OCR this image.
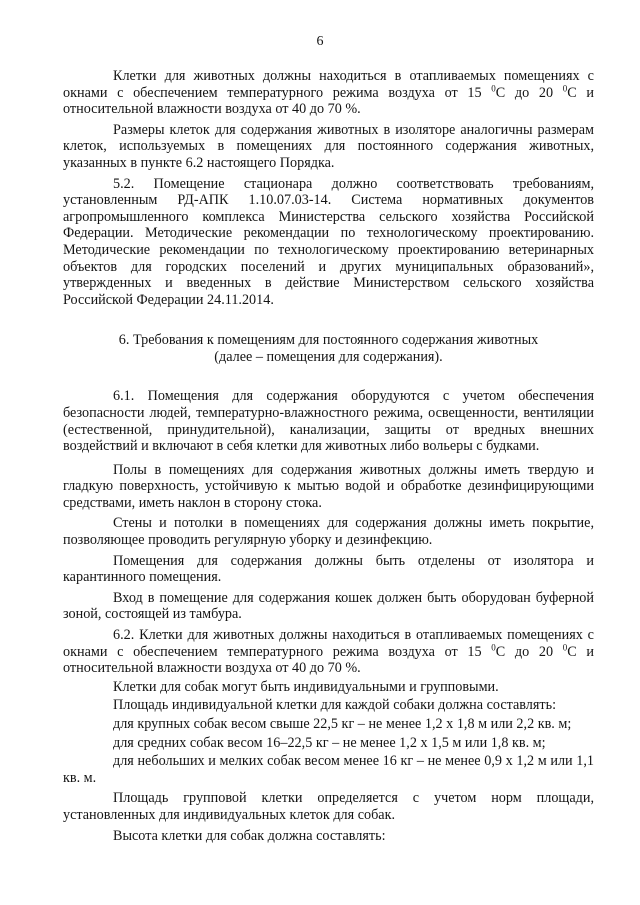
6

Клетки для животных должны находиться в отапливаемых помещениях с окнами с обеспечением температурного режима воздуха от 15 $^0$С до 20 $^0$С и относительной влажности воздуха от 40 до 70 %.

Размеры клеток для содержания животных в изоляторе аналогичны размерам клеток, используемых в помещениях для постоянного содержания животных, указанных в пункте 6.2 настоящего Порядка.

5.2. Помещение стационара должно соответствовать требованиям, установленным РД-АПК 1.10.07.03-14. Система нормативных документов агропромышленного комплекса Министерства сельского хозяйства Российской Федерации. Методические рекомендации по технологическому проектированию. Методические рекомендации по технологическому проектированию ветеринарных объектов для городских поселений и других муниципальных образований», утвержденных и введенных в действие Министерством сельского хозяйства Российской Федерации 24.11.2014.

6. Требования к помещениям для постоянного содержания животных
(далее – помещения для содержания).

6.1. Помещения для содержания оборудуются с учетом обеспечения безопасности людей, температурно-влажностного режима, освещенности, вентиляции (естественной, принудительной), канализации, защиты от вредных внешних воздействий и включают в себя клетки для животных либо вольеры с будками.

Полы в помещениях для содержания животных должны иметь твердую и гладкую поверхность, устойчивую к мытью водой и обработке дезинфицирующими средствами, иметь наклон в сторону стока.

Стены и потолки в помещениях для содержания должны иметь покрытие, позволяющее проводить регулярную уборку и дезинфекцию.

Помещения для содержания должны быть отделены от изолятора и карантинного помещения.

Вход в помещение для содержания кошек должен быть оборудован буферной зоной, состоящей из тамбура.

6.2. Клетки для животных должны находиться в отапливаемых помещениях с окнами с обеспечением температурного режима воздуха от 15 $^0$С до 20 $^0$С и относительной влажности воздуха от 40 до 70 %.

Клетки для собак могут быть индивидуальными и групповыми.

Площадь индивидуальной клетки для каждой собаки должна составлять:

для крупных собак весом свыше 22,5 кг – не менее 1,2 х 1,8 м или 2,2 кв. м;

для средних собак весом 16–22,5 кг – не менее 1,2 х 1,5 м или 1,8 кв. м;

для небольших и мелких собак весом менее 16 кг – не менее 0,9 х 1,2 м или 1,1 кв. м.

Площадь групповой клетки определяется с учетом норм площади, установленных для индивидуальных клеток для собак.

Высота клетки для собак должна составлять:
